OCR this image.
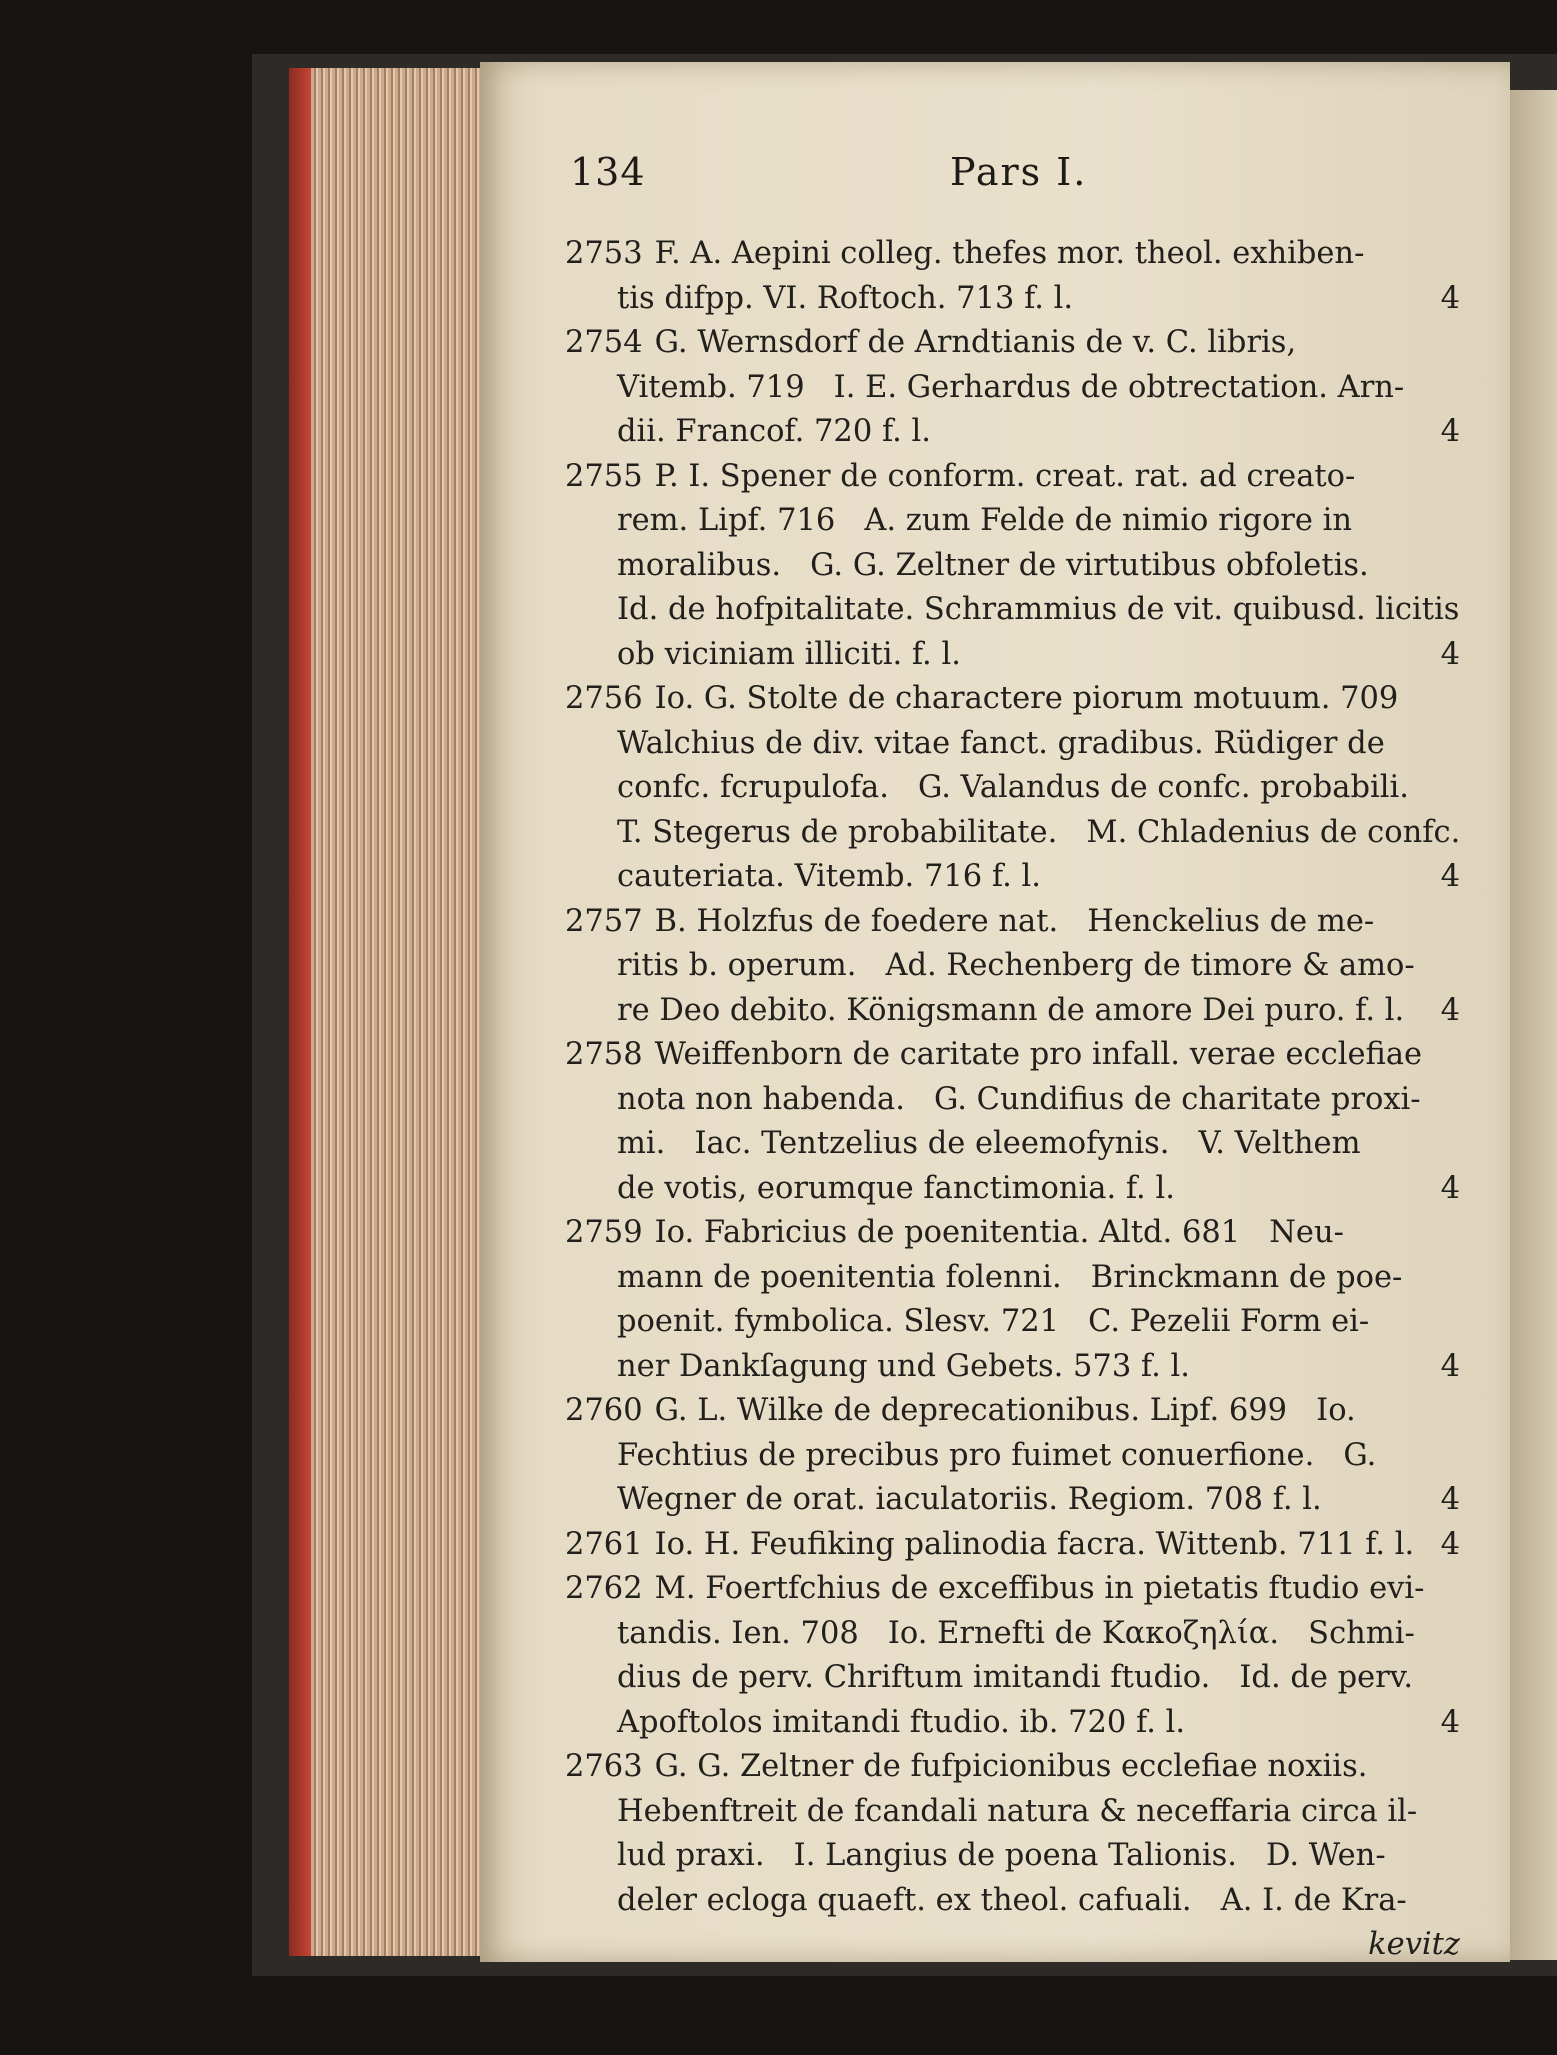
134	Pars I.
2753 F. A. Aepini colleg. thefes mor. theol. exhiben-
tis difpp. VI. Roftoch. 713 f. l.	4
2754 G. Wernsdorf de Arndtianis de v. C. libris,
Vitemb. 719   I. E. Gerhardus de obtrectation. Arn-
dii. Francof. 720 f. l.	4
2755 P. I. Spener de conform. creat. rat. ad creato-
rem. Lipf. 716   A. zum Felde de nimio rigore in
moralibus.   G. G. Zeltner de virtutibus obfoletis.
Id. de hofpitalitate. Schrammius de vit. quibusd. licitis
ob viciniam illiciti. f. l.	4
2756 Io. G. Stolte de charactere piorum motuum. 709
Walchius de div. vitae fanct. gradibus. Rüdiger de
confc. fcrupulofa.   G. Valandus de confc. probabili.
T. Stegerus de probabilitate.   M. Chladenius de confc.
cauteriata. Vitemb. 716 f. l.	4
2757 B. Holzfus de foedere nat.   Henckelius de me-
ritis b. operum.   Ad. Rechenberg de timore & amo-
re Deo debito. Königsmann de amore Dei puro. f. l. 4
2758 Weiffenborn de caritate pro infall. verae ecclefiae
nota non habenda.   G. Cundifius de charitate proxi-
mi.   Iac. Tentzelius de eleemofynis.   V. Velthem
de votis, eorumque fanctimonia. f. l.	4
2759 Io. Fabricius de poenitentia. Altd. 681   Neu-
mann de poenitentia folenni.   Brinckmann de poe-
poenit. fymbolica. Slesv. 721   C. Pezelii Form ei-
ner Dankſagung und Gebets. 573 f. l.	4
2760 G. L. Wilke de deprecationibus. Lipf. 699   Io.
Fechtius de precibus pro fuimet conuerfione.   G.
Wegner de orat. iaculatoriis. Regiom. 708 f. l.	4
2761 Io. H. Feufiking palinodia facra. Wittenb. 711 f. l. 4
2762 M. Foertfchius de exceffibus in pietatis ftudio evi-
tandis. Ien. 708   Io. Ernefti de Κακοζηλία.   Schmi-
dius de perv. Chriftum imitandi ftudio.   Id. de perv.
Apoftolos imitandi ftudio. ib. 720 f. l.	4
2763 G. G. Zeltner de fufpicionibus ecclefiae noxiis.
Hebenftreit de fcandali natura & neceffaria circa il-
lud praxi.   I. Langius de poena Talionis.   D. Wen-
deler ecloga quaeft. ex theol. cafuali.   A. I. de Kra-
kevitz
